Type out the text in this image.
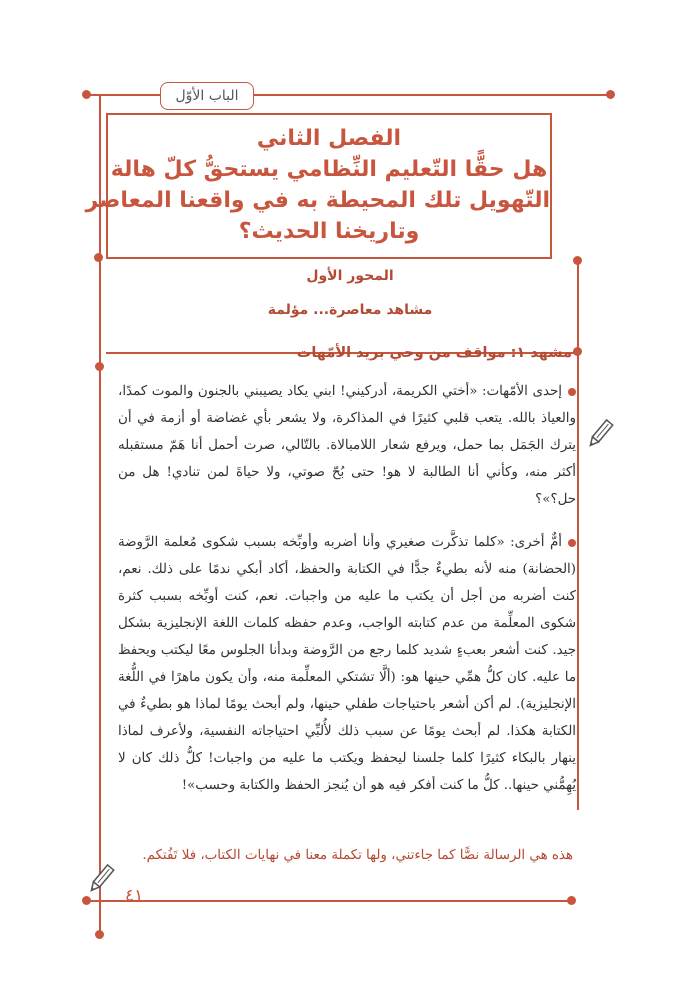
الباب الأوّل
الفصل الثاني
هل حقًّا التّعليم النِّظامي يستحقُّ كلّ هالة
التّهويل تلك المحيطة به في واقعنا المعاصر
وتاريخنا الحديث؟
المحور الأول
مشاهد معاصرة... مؤلمة
مشهد ١: مواقف من وحي بريد الأمّهات
إحدى الأمّهات: «أختي الكريمة، أدركيني! ابني يكاد يصيبني بالجنون والموت كمدًا، والعياذ بالله. يتعب قلبي كثيرًا في المذاكرة، ولا يشعر بأي غضاضة أو أزمة في أن يترك الجَمَل بما حمل، ويرفع شعار اللامبالاة. بالتّالي، صرت أحمل أنا هَمّ مستقبله أكثر منه، وكأني أنا الطالبة لا هو! حتى بُحّ صوتي، ولا حياةَ لمن تنادي! هل من حل؟»؟
أمٌّ أخرى: «كلما تذكَّرت صغيري وأنا أضربه وأوبِّخه بسبب شكوى مُعلمة الرَّوضة (الحضانة) منه لأنه بطيءٌ جدًّا في الكتابة والحفظ، أكاد أبكي ندمًا على ذلك. نعم، كنت أضربه من أجل أن يكتب ما عليه من واجبات. نعم، كنت أوبِّخه بسبب كثرة شكوى المعلِّمة من عدم كتابته الواجب، وعدم حفظه كلمات اللغة الإنجليزية بشكل جيد. كنت أشعر بعبءٍ شديد كلما رجع من الرَّوضة وبدأنا الجلوس معًا ليكتب ويحفظ ما عليه. كان كلُّ همِّي حينها هو: (ألَّا تشتكي المعلِّمة منه، وأن يكون ماهرًا في اللُّغة الإنجليزية). لم أكن أشعر باحتياجات طفلي حينها، ولم أبحث يومًا لماذا هو بطيءٌ في الكتابة هكذا. لم أبحث يومًا عن سبب ذلك لأُلبِّي احتياجاته النفسية، ولأعرف لماذا ينهار بالبكاء كثيرًا كلما جلسنا ليحفظ ويكتب ما عليه من واجبات! كلُّ ذلك كان لا يُهِمُّني حينها.. كلُّ ما كنت أفكر فيه هو أن يُنجز الحفظ والكتابة وحسب»!
هذه هي الرسالة نصًّا كما جاءتني، ولها تكملة معنا في نهايات الكتاب، فلا تَفُتكم.
٤١
